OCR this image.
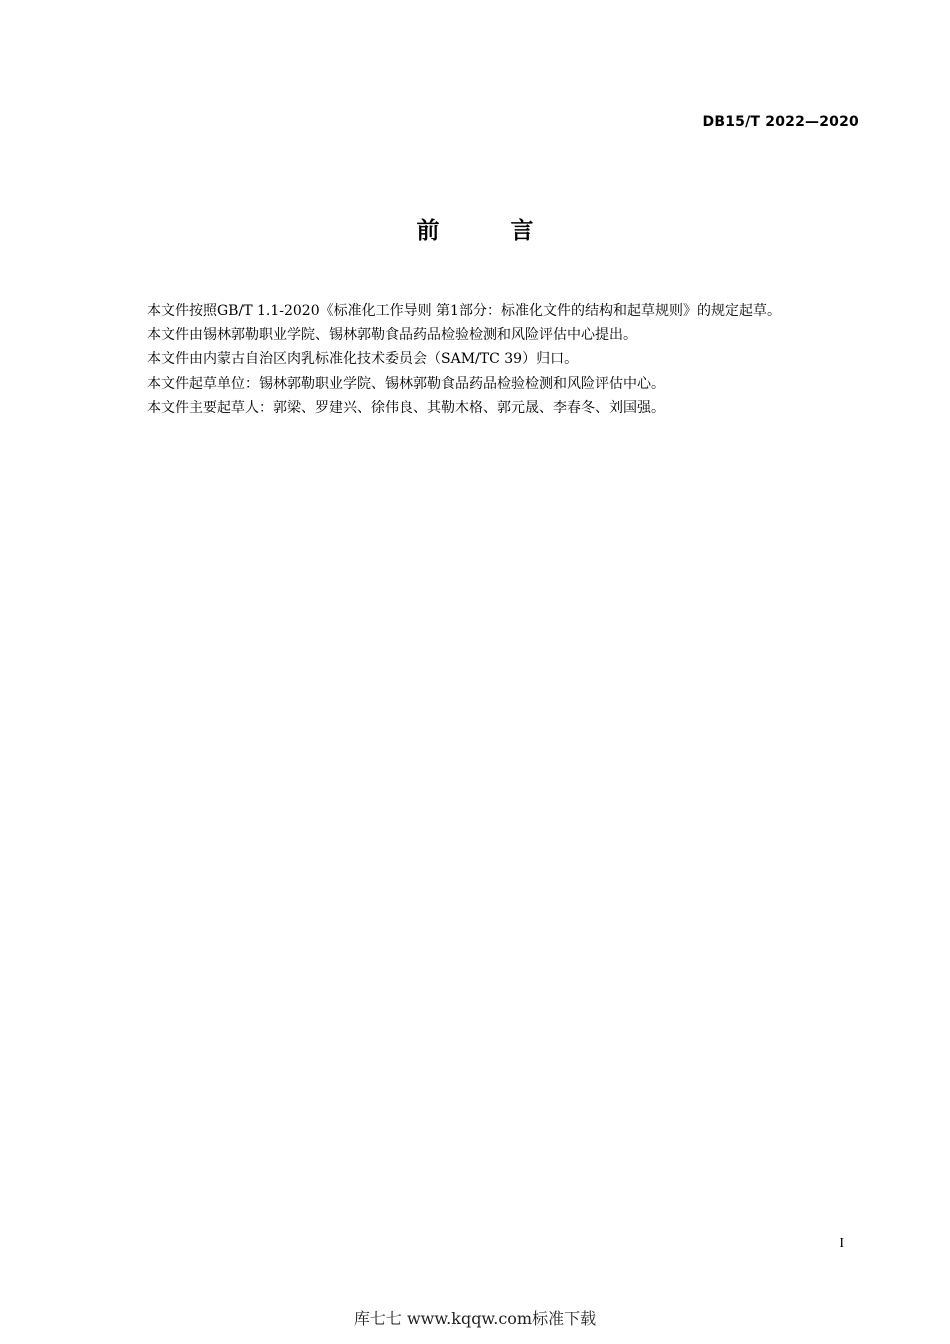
DB15/T 2022—2020
前　言

本文件按照GB/T 1.1-2020《标准化工作导则 第1部分：标准化文件的结构和起草规则》的规定起草。

本文件由锡林郭勒职业学院、锡林郭勒食品药品检验检测和风险评估中心提出。

本文件由内蒙古自治区肉乳标准化技术委员会（SAM/TC 39）归口。

本文件起草单位：锡林郭勒职业学院、锡林郭勒食品药品检验检测和风险评估中心。

本文件主要起草人：郭梁、罗建兴、徐伟良、其勒木格、郭元晟、李春冬、刘国强。

I
库七七 www.kqqw.com标准下载
